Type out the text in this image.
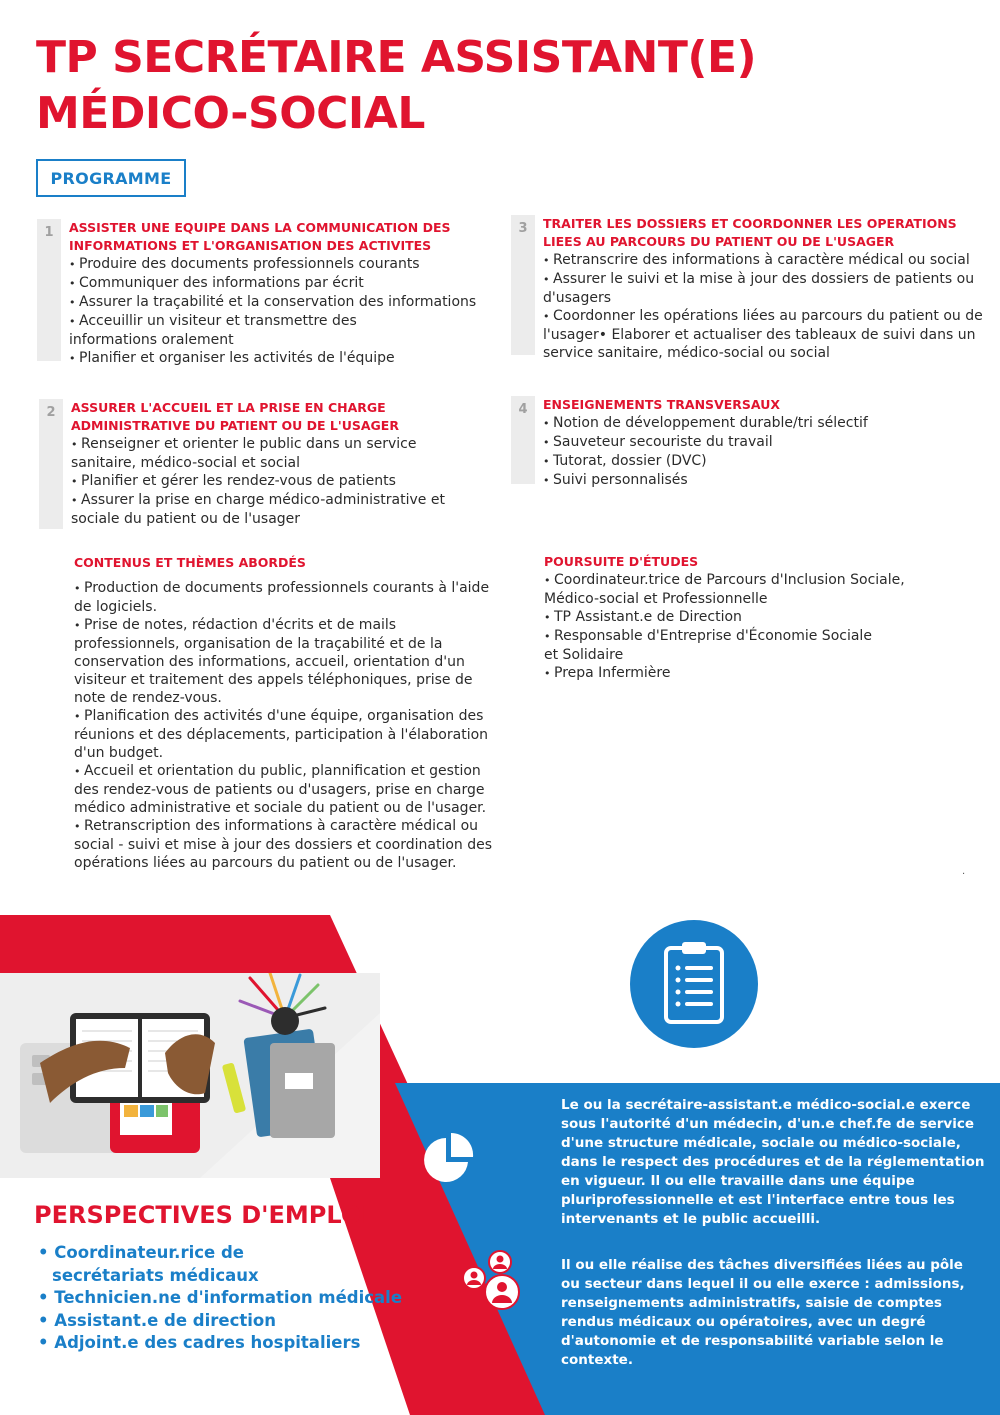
TP SECRÉTAIRE ASSISTANT(E)
MÉDICO-SOCIAL
PROGRAMME
1	ASSISTER UNE EQUIPE DANS LA COMMUNICATION DES
INFORMATIONS ET L'ORGANISATION DES ACTIVITES
• Produire des documents professionnels courants
• Communiquer des informations par écrit
• Assurer la traçabilité et la conservation des informations
• Acceuillir un visiteur et transmettre des informations oralement
• Planifier et organiser les activités de l'équipe
2	ASSURER L'ACCUEIL ET LA PRISE EN CHARGE
ADMINISTRATIVE DU PATIENT OU DE L'USAGER
• Renseigner et orienter le public dans un service sanitaire, médico-social et social
• Planifier et gérer les rendez-vous de patients
• Assurer la prise en charge médico-administrative et sociale du patient ou de l'usager
3	TRAITER LES DOSSIERS ET COORDONNER LES OPERATIONS
LIEES AU PARCOURS DU PATIENT OU DE L'USAGER
• Retranscrire des informations à caractère médical ou social
• Assurer le suivi et la mise à jour des dossiers de patients ou d'usagers
• Coordonner les opérations liées au parcours du patient ou de l'usager• Elaborer et actualiser des tableaux de suivi dans un service sanitaire, médico-social ou social
4	ENSEIGNEMENTS TRANSVERSAUX
• Notion de développement durable/tri sélectif
• Sauveteur secouriste du travail
• Tutorat, dossier (DVC)
• Suivi personnalisés
CONTENUS ET THÈMES ABORDÉS
• Production de documents professionnels courants à l'aide de logiciels.
• Prise de notes, rédaction d'écrits et de mails professionnels, organisation de la traçabilité et de la conservation des informations, accueil, orientation d'un visiteur et traitement des appels téléphoniques, prise de note de rendez-vous.
• Planification des activités d'une équipe, organisation des réunions et des déplacements, participation à l'élaboration d'un budget.
• Accueil et orientation du public, plannification et gestion des rendez-vous de patients ou d'usagers, prise en charge médico administrative et sociale du patient ou de l'usager.
• Retranscription des informations à caractère médical ou social - suivi et mise à jour des dossiers et coordination des opérations liées au parcours du patient ou de l'usager.
POURSUITE D'ÉTUDES
• Coordinateur.trice de Parcours d'Inclusion Sociale, Médico-social et Professionnelle
• TP Assistant.e de Direction
• Responsable d'Entreprise d'Économie Sociale et Solidaire
• Prepa Infermière
.
PERSPECTIVES D'EMPLOI
• Coordinateur.rice de secrétariats médicaux
• Technicien.ne d'information médicale
• Assistant.e de direction
• Adjoint.e des cadres hospitaliers
Le ou la secrétaire-assistant.e médico-social.e exerce sous l'autorité d'un médecin, d'un.e chef.fe de service d'une structure médicale, sociale ou médico-sociale, dans le respect des procédures et de la réglementation en vigueur. Il ou elle travaille dans une équipe pluriprofessionnelle et est l'interface entre tous les intervenants et le public accueilli.
Il ou elle réalise des tâches diversifiées liées au pôle ou secteur dans lequel il ou elle exerce : admissions, renseignements administratifs, saisie de comptes rendus médicaux ou opératoires, avec un degré d'autonomie et de responsabilité variable selon le contexte.
